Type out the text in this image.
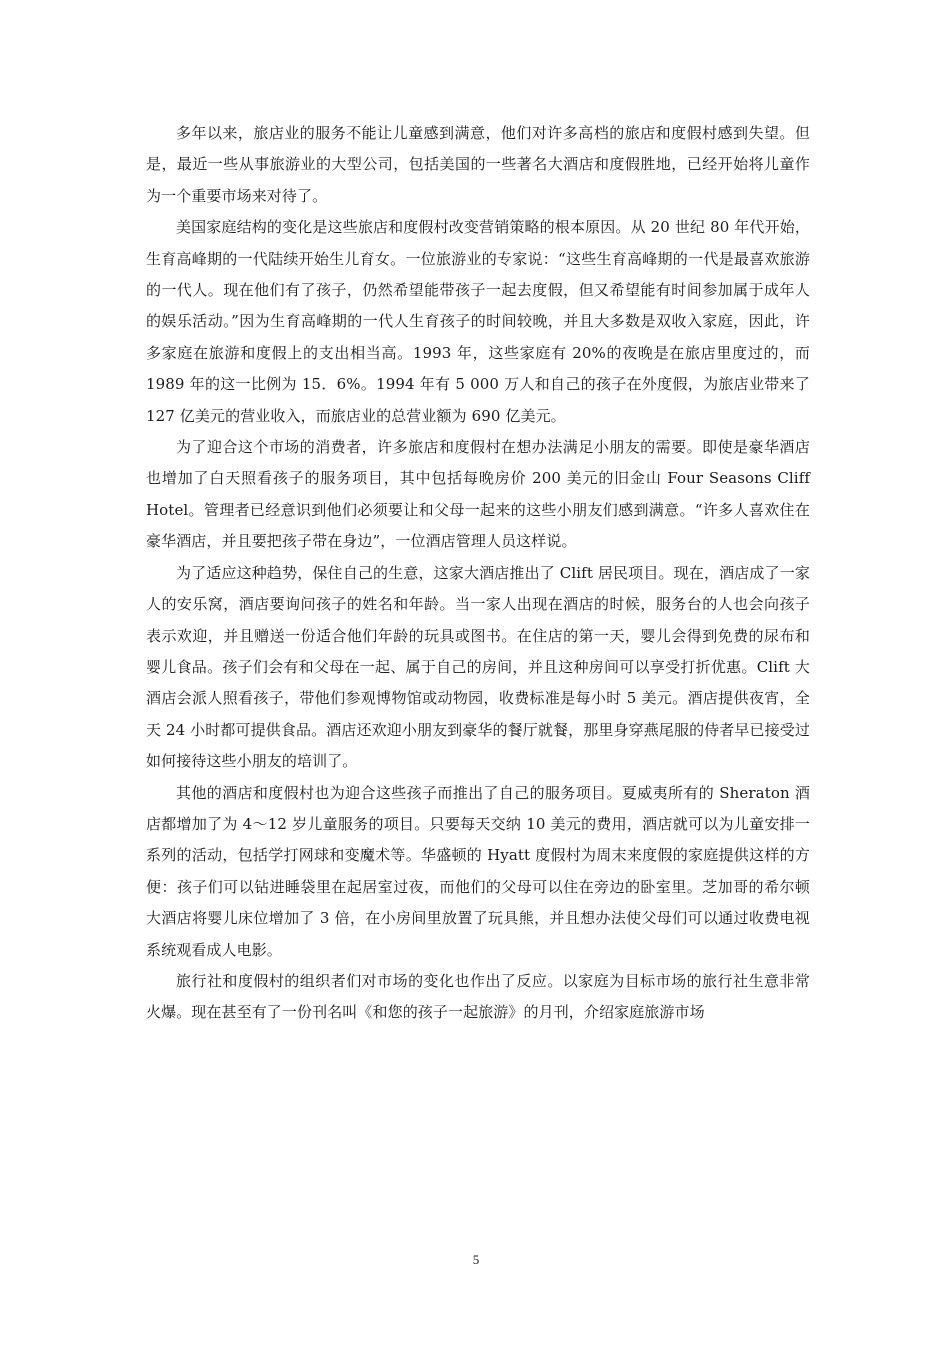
多年以来，旅店业的服务不能让儿童感到满意，他们对许多高档的旅店和度假村感到失望。但是，最近一些从事旅游业的大型公司，包括美国的一些著名大酒店和度假胜地，已经开始将儿童作为一个重要市场来对待了。

美国家庭结构的变化是这些旅店和度假村改变营销策略的根本原因。从 20 世纪 80 年代开始，生育高峰期的一代陆续开始生儿育女。一位旅游业的专家说：“这些生育高峰期的一代是最喜欢旅游的一代人。现在他们有了孩子，仍然希望能带孩子一起去度假，但又希望能有时间参加属于成年人的娱乐活动。”因为生育高峰期的一代人生育孩子的时间较晚，并且大多数是双收入家庭，因此，许多家庭在旅游和度假上的支出相当高。1993 年，这些家庭有 20%的夜晚是在旅店里度过的，而 1989 年的这一比例为 15．6%。1994 年有 5 000 万人和自己的孩子在外度假，为旅店业带来了 127 亿美元的营业收入，而旅店业的总营业额为 690 亿美元。

为了迎合这个市场的消费者，许多旅店和度假村在想办法满足小朋友的需要。即使是豪华酒店也增加了白天照看孩子的服务项目，其中包括每晚房价 200 美元的旧金山 Four Seasons Cliff Hotel。管理者已经意识到他们必须要让和父母一起来的这些小朋友们感到满意。“许多人喜欢住在豪华酒店，并且要把孩子带在身边”，一位酒店管理人员这样说。

为了适应这种趋势，保住自己的生意，这家大酒店推出了 Clift 居民项目。现在，酒店成了一家人的安乐窝，酒店要询问孩子的姓名和年龄。当一家人出现在酒店的时候，服务台的人也会向孩子表示欢迎，并且赠送一份适合他们年龄的玩具或图书。在住店的第一天，婴儿会得到免费的尿布和婴儿食品。孩子们会有和父母在一起、属于自己的房间，并且这种房间可以享受打折优惠。Clift 大酒店会派人照看孩子，带他们参观博物馆或动物园，收费标准是每小时 5 美元。酒店提供夜宵，全天 24 小时都可提供食品。酒店还欢迎小朋友到豪华的餐厅就餐，那里身穿燕尾服的侍者早已接受过如何接待这些小朋友的培训了。

其他的酒店和度假村也为迎合这些孩子而推出了自己的服务项目。夏威夷所有的 Sheraton 酒店都增加了为 4～12 岁儿童服务的项目。只要每天交纳 10 美元的费用，酒店就可以为儿童安排一系列的活动，包括学打网球和变魔术等。华盛顿的 Hyatt 度假村为周末来度假的家庭提供这样的方便：孩子们可以钻进睡袋里在起居室过夜，而他们的父母可以住在旁边的卧室里。芝加哥的希尔顿大酒店将婴儿床位增加了 3 倍，在小房间里放置了玩具熊，并且想办法使父母们可以通过收费电视系统观看成人电影。

旅行社和度假村的组织者们对市场的变化也作出了反应。以家庭为目标市场的旅行社生意非常火爆。现在甚至有了一份刊名叫《和您的孩子一起旅游》的月刊，介绍家庭旅游市场

5
